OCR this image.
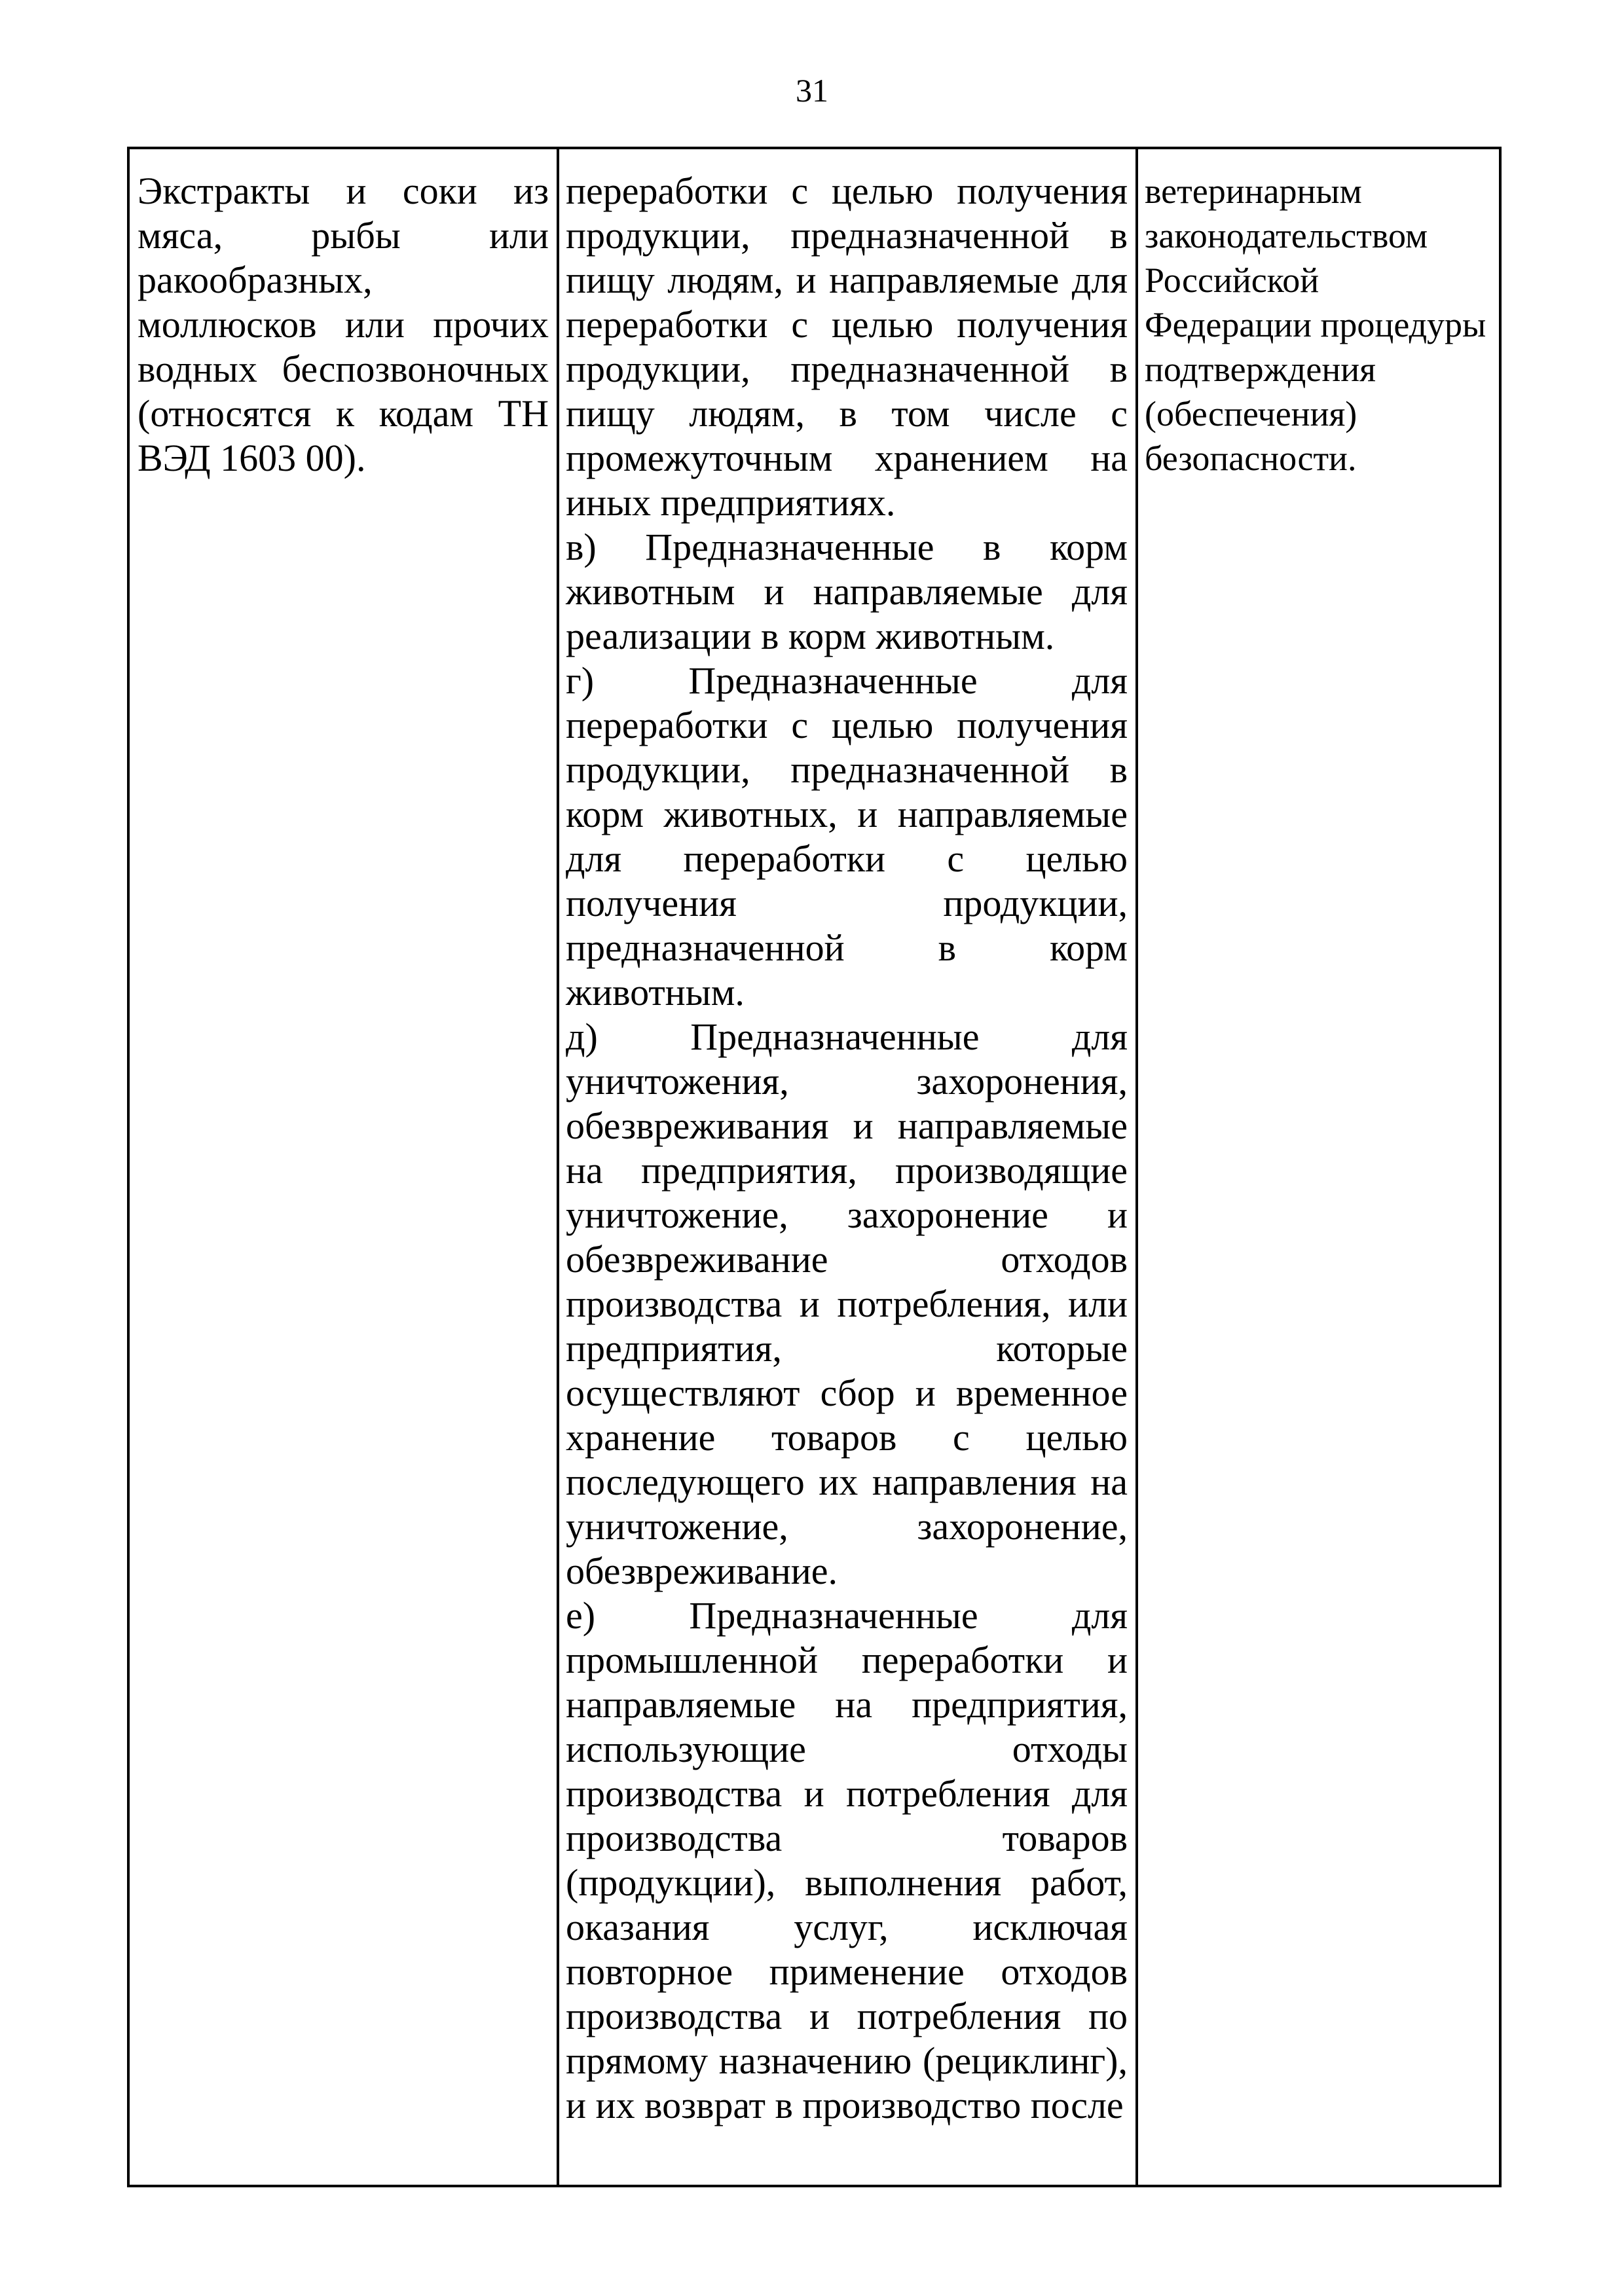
31

Экстракты и соки из мяса, рыбы или ракообразных, моллюсков или прочих водных беспозвоночных (относятся к кодам ТН ВЭД 1603 00).

переработки с целью получения продукции, предназначенной в пищу людям, и направляемые для переработки с целью получения продукции, предназначенной в пищу людям, в том числе с промежуточным хранением на иных предприятиях.
в) Предназначенные в корм животным и направляемые для реализации в корм животным.
г) Предназначенные для переработки с целью получения продукции, предназначенной в корм животных, и направляемые для переработки с целью получения продукции, предназначенной в корм животным.
д) Предназначенные для уничтожения, захоронения, обезвреживания и направляемые на предприятия, производящие уничтожение, захоронение и обезвреживание отходов производства и потребления, или предприятия, которые осуществляют сбор и временное хранение товаров с целью последующего их направления на уничтожение, захоронение, обезвреживание.
е) Предназначенные для промышленной переработки и направляемые на предприятия, использующие отходы производства и потребления для производства товаров (продукции), выполнения работ, оказания услуг, исключая повторное применение отходов производства и потребления по прямому назначению (рециклинг), и их возврат в производство после

ветеринарным законодательством Российской Федерации процедуры подтверждения (обеспечения) безопасности.
